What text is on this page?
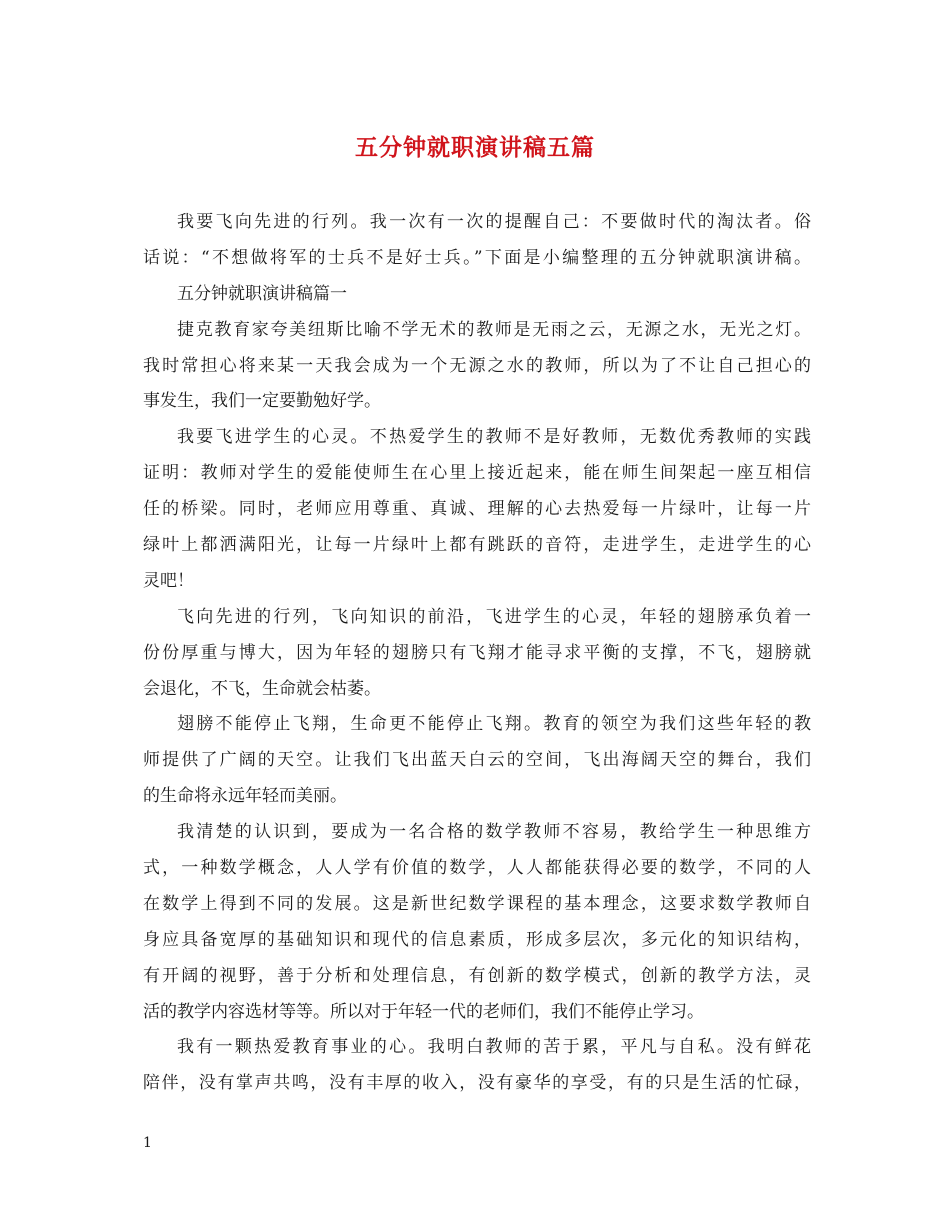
五分钟就职演讲稿五篇
我要飞向先进的行列。我一次有一次的提醒自己：不要做时代的淘汰者。俗
话说：“不想做将军的士兵不是好士兵。”下面是小编整理的五分钟就职演讲稿。
五分钟就职演讲稿篇一
捷克教育家夸美纽斯比喻不学无术的教师是无雨之云，无源之水，无光之灯。
我时常担心将来某一天我会成为一个无源之水的教师，所以为了不让自己担心的
事发生，我们一定要勤勉好学。
我要飞进学生的心灵。不热爱学生的教师不是好教师，无数优秀教师的实践
证明：教师对学生的爱能使师生在心里上接近起来，能在师生间架起一座互相信
任的桥梁。同时，老师应用尊重、真诚、理解的心去热爱每一片绿叶，让每一片
绿叶上都洒满阳光，让每一片绿叶上都有跳跃的音符，走进学生，走进学生的心
灵吧！
飞向先进的行列，飞向知识的前沿，飞进学生的心灵，年轻的翅膀承负着一
份份厚重与博大，因为年轻的翅膀只有飞翔才能寻求平衡的支撑，不飞，翅膀就
会退化，不飞，生命就会枯萎。
翅膀不能停止飞翔，生命更不能停止飞翔。教育的领空为我们这些年轻的教
师提供了广阔的天空。让我们飞出蓝天白云的空间，飞出海阔天空的舞台，我们
的生命将永远年轻而美丽。
我清楚的认识到，要成为一名合格的数学教师不容易，教给学生一种思维方
式，一种数学概念，人人学有价值的数学，人人都能获得必要的数学，不同的人
在数学上得到不同的发展。这是新世纪数学课程的基本理念，这要求数学教师自
身应具备宽厚的基础知识和现代的信息素质，形成多层次，多元化的知识结构，
有开阔的视野，善于分析和处理信息，有创新的数学模式，创新的教学方法，灵
活的教学内容选材等等。所以对于年轻一代的老师们，我们不能停止学习。
我有一颗热爱教育事业的心。我明白教师的苦于累，平凡与自私。没有鲜花
陪伴，没有掌声共鸣，没有丰厚的收入，没有豪华的享受，有的只是生活的忙碌，
1
